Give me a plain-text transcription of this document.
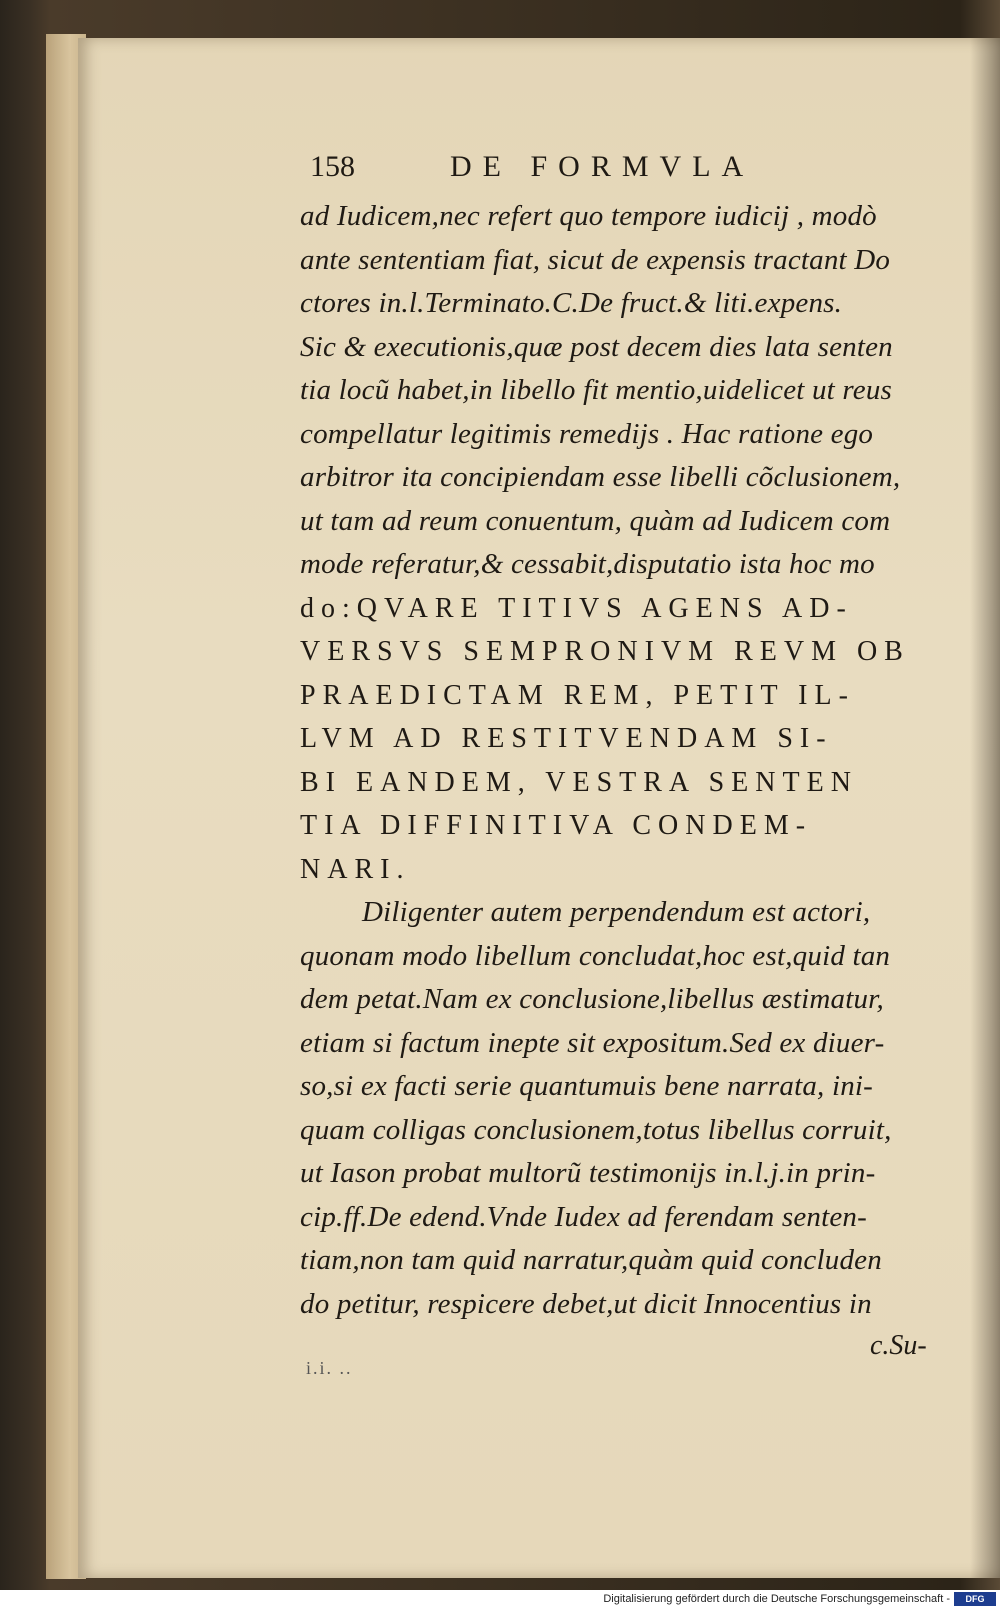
158	DE FORMVLA
ad Iudicem,nec refert quo tempore iudicij , modò
ante sententiam fiat, sicut de expensis tractant Do
ctores in.l.Terminato.C.De fruct.& liti.expens.
Sic & executionis,quæ post decem dies lata senten
tia locũ habet,in libello fit mentio,uidelicet ut reus
compellatur legitimis remedijs . Hac ratione ego
arbitror ita concipiendam esse libelli cõclusionem,
ut tam ad reum conuentum, quàm ad Iudicem com
mode referatur,& cessabit,disputatio ista hoc mo
do:QVARE TITIVS AGENS AD-
VERSVS SEMPRONIVM REVM OB
PRAEDICTAM REM, PETIT IL-
LVM AD RESTITVENDAM SI-
BI EANDEM, VESTRA SENTEN
TIA DIFFINITIVA CONDEM-
NARI.
Diligenter autem perpendendum est actori,
quonam modo libellum concludat,hoc est,quid tan
dem petat.Nam ex conclusione,libellus æstimatur,
etiam si factum inepte sit expositum.Sed ex diuer-
so,si ex facti serie quantumuis bene narrata, ini-
quam colligas conclusionem,totus libellus corruit,
ut Iason probat multorũ testimonijs in.l.j.in prin-
cip.ff.De edend.Vnde Iudex ad ferendam senten-
tiam,non tam quid narratur,quàm quid concluden
do petitur, respicere debet,ut dicit Innocentius in
c.Su-
i.i. ..
Digitalisierung gefördert durch die Deutsche Forschungsgemeinschaft -	DFG
